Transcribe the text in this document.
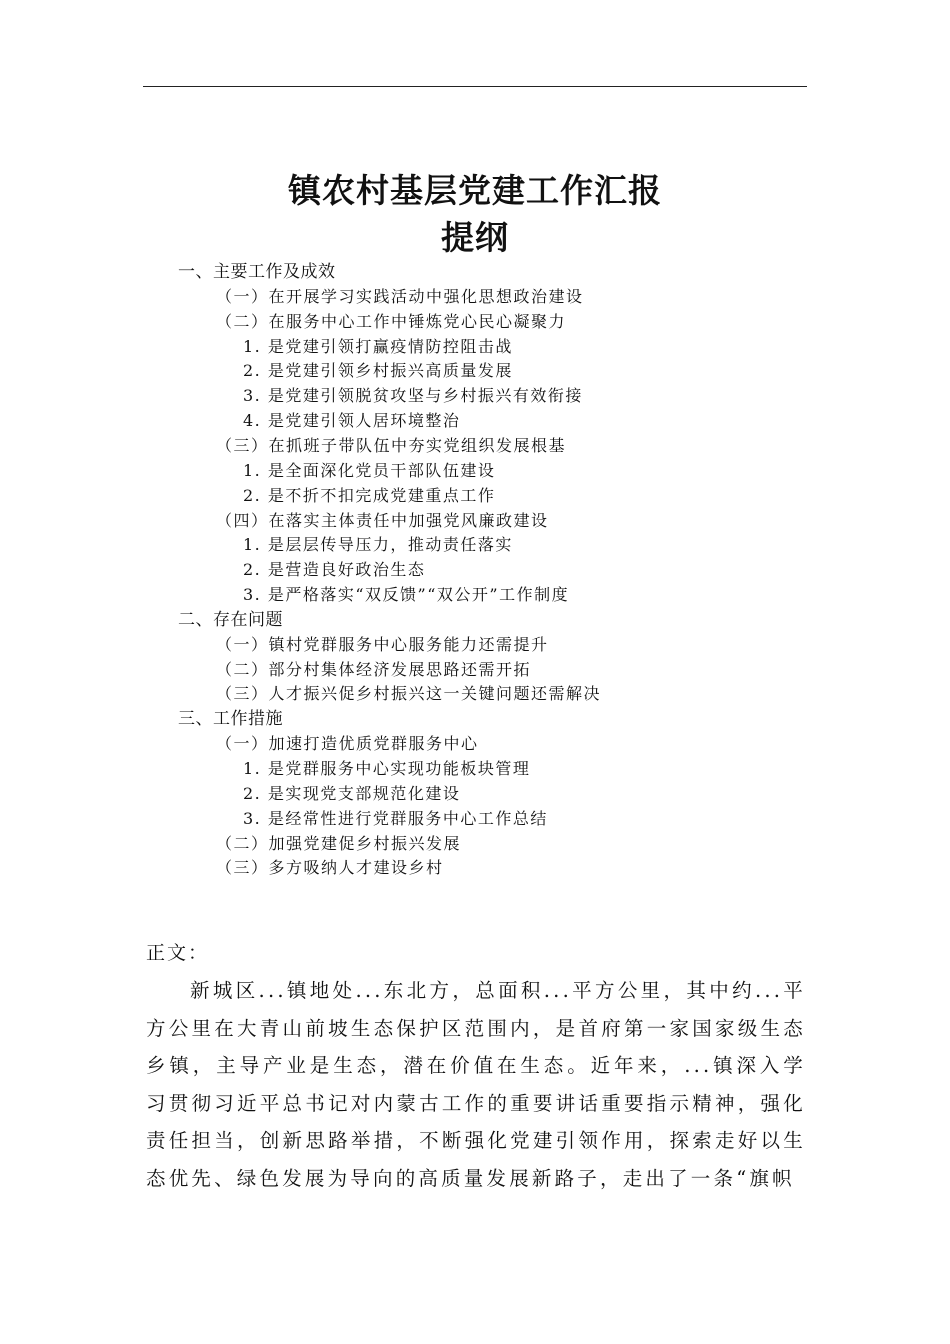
镇农村基层党建工作汇报
提纲
一、主要工作及成效
（一）在开展学习实践活动中强化思想政治建设
（二）在服务中心工作中锤炼党心民心凝聚力
1. 是党建引领打赢疫情防控阻击战
2. 是党建引领乡村振兴高质量发展
3. 是党建引领脱贫攻坚与乡村振兴有效衔接
4. 是党建引领人居环境整治
（三）在抓班子带队伍中夯实党组织发展根基
1. 是全面深化党员干部队伍建设
2. 是不折不扣完成党建重点工作
（四）在落实主体责任中加强党风廉政建设
1. 是层层传导压力，推动责任落实
2. 是营造良好政治生态
3. 是严格落实“双反馈”“双公开”工作制度
二、存在问题
（一）镇村党群服务中心服务能力还需提升
（二）部分村集体经济发展思路还需开拓
（三）人才振兴促乡村振兴这一关键问题还需解决
三、工作措施
（一）加速打造优质党群服务中心
1. 是党群服务中心实现功能板块管理
2. 是实现党支部规范化建设
3. 是经常性进行党群服务中心工作总结
（二）加强党建促乡村振兴发展
（三）多方吸纳人才建设乡村
正文：
新城区...镇地处...东北方，总面积...平方公里，其中约...平方公里在大青山前坡生态保护区范围内，是首府第一家国家级生态乡镇，主导产业是生态，潜在价值在生态。近年来，...镇深入学习贯彻习近平总书记对内蒙古工作的重要讲话重要指示精神，强化责任担当，创新思路举措，不断强化党建引领作用，探索走好以生态优先、绿色发展为导向的高质量发展新路子，走出了一条“旗帜
